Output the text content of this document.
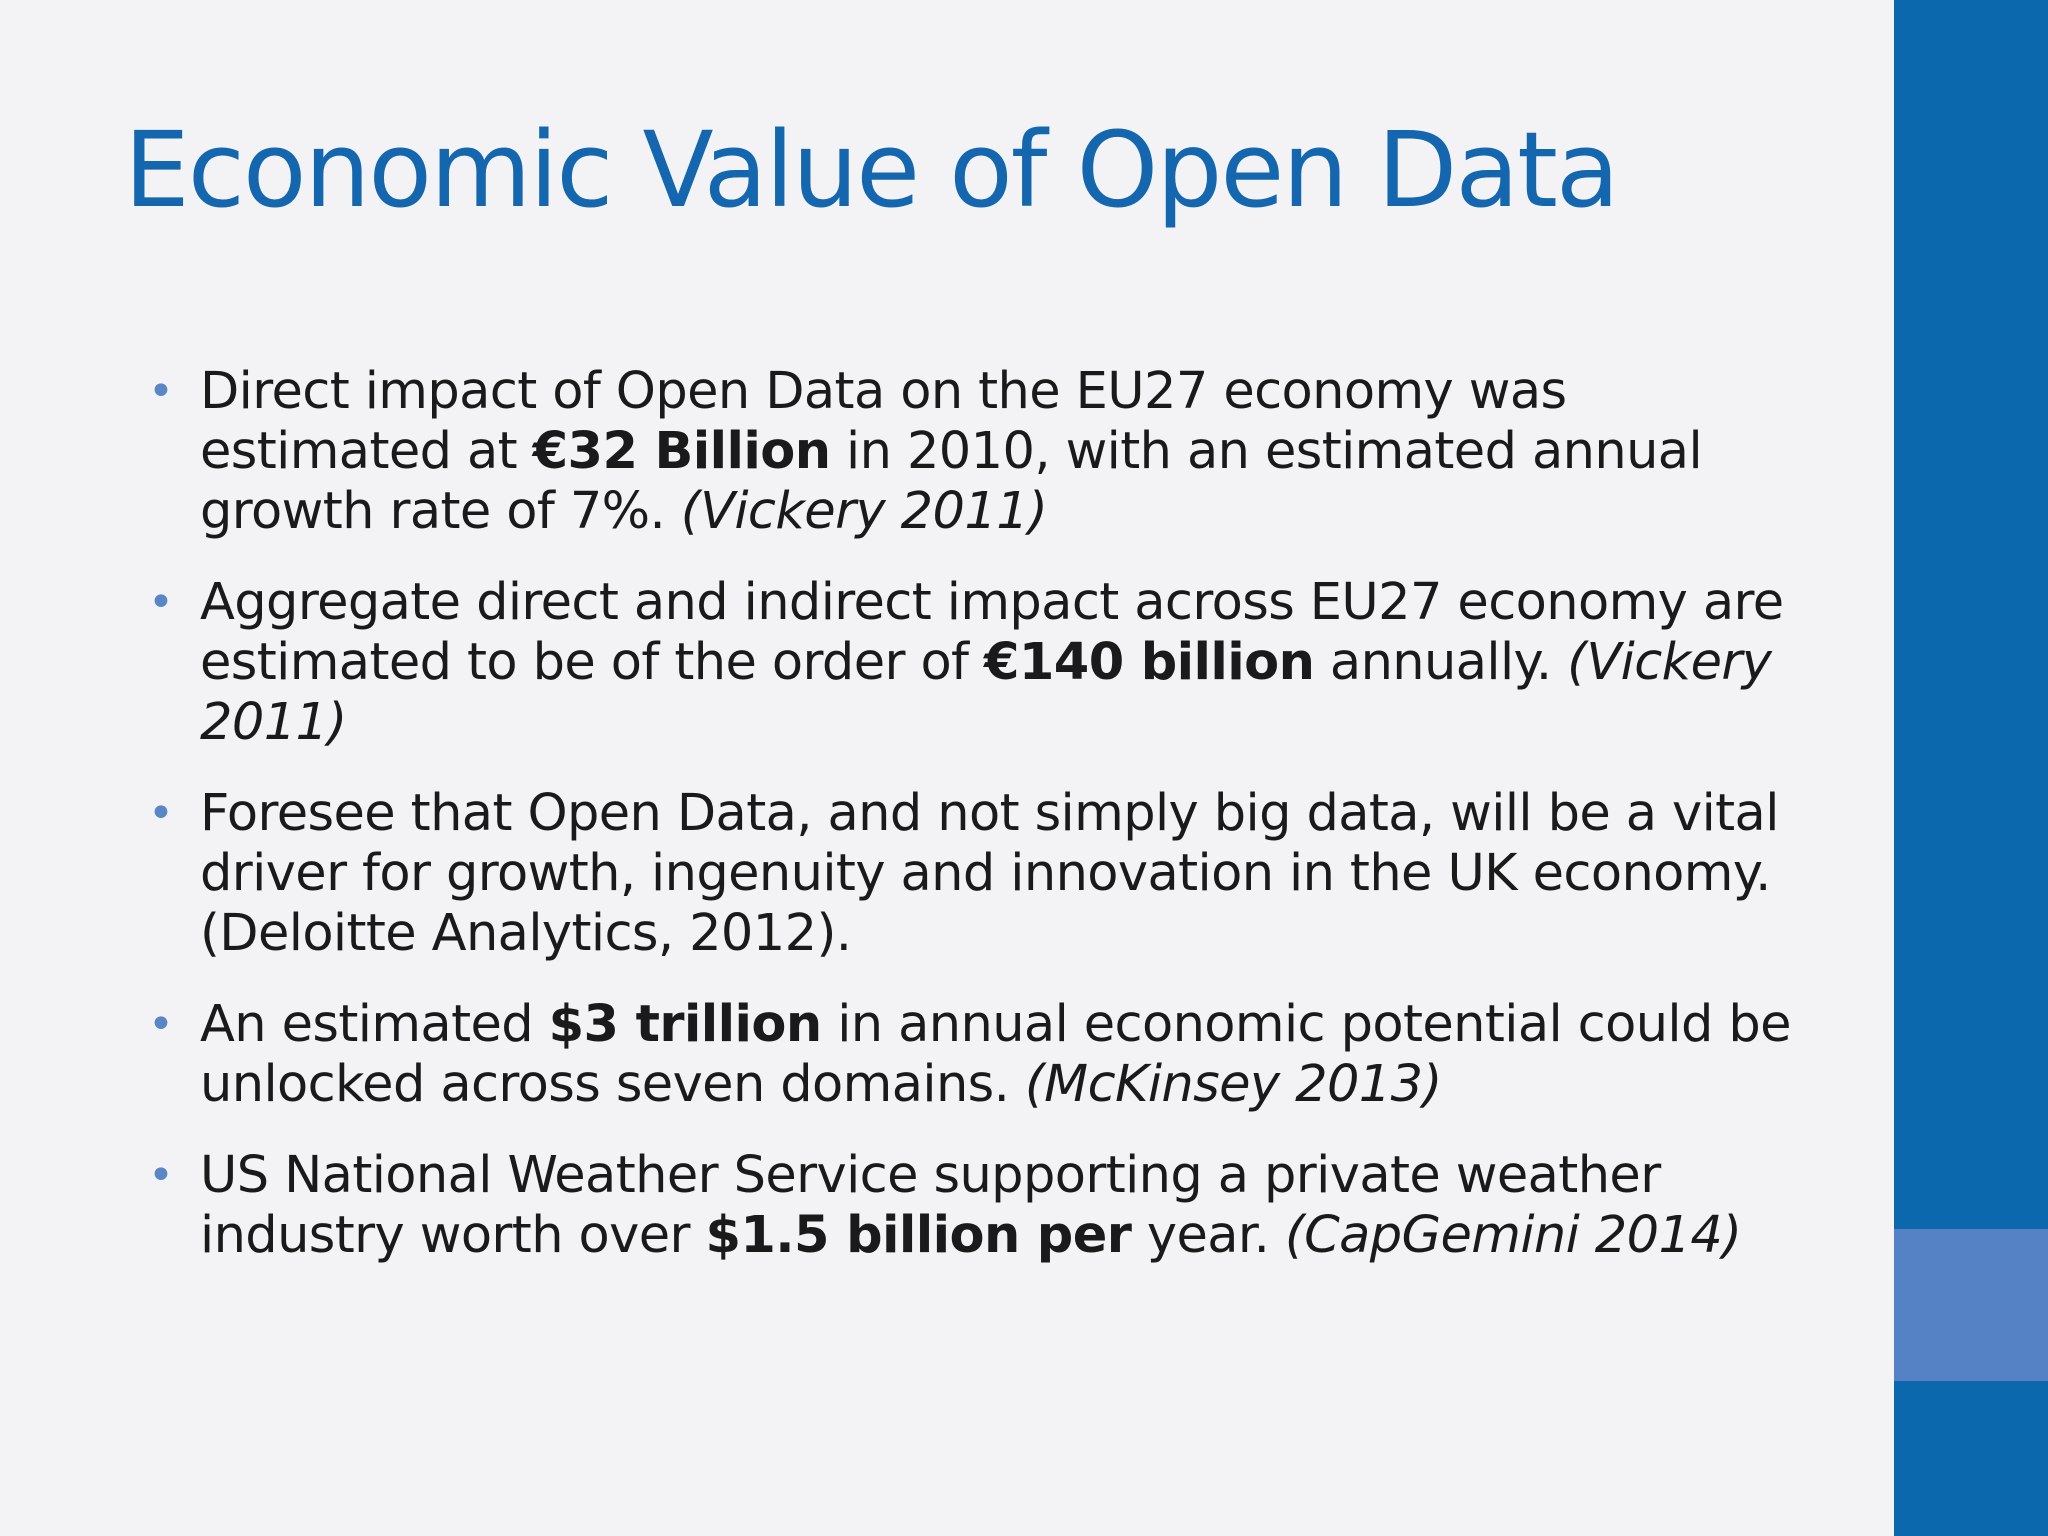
Economic Value of Open Data
• Direct impact of Open Data on the EU27 economy was estimated at €32 Billion in 2010, with an estimated annual growth rate of 7%. (Vickery 2011)
• Aggregate direct and indirect impact across EU27 economy are estimated to be of the order of €140 billion annually. (Vickery 2011)
• Foresee that Open Data, and not simply big data, will be a vital driver for growth, ingenuity and innovation in the UK economy. (Deloitte Analytics, 2012).
• An estimated $3 trillion in annual economic potential could be unlocked across seven domains. (McKinsey 2013)
• US National Weather Service supporting a private weather industry worth over $1.5 billion per year. (CapGemini 2014)
